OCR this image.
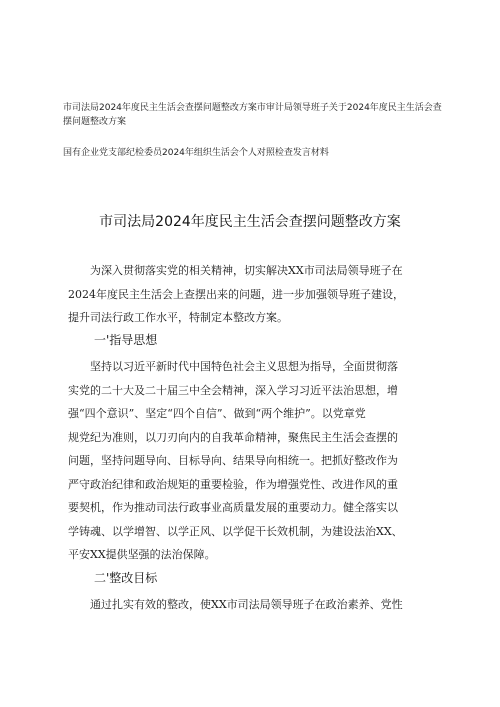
市司法局2024年度民主生活会查摆问题整改方案市审计局领导班子关于2024年度民主生活会查摆问题整改方案
国有企业党支部纪检委员2024年组织生活会个人对照检查发言材料
市司法局2024年度民主生活会查摆问题整改方案
为深入贯彻落实党的相关精神，切实解决XX市司法局领导班子在
2024年度民主生活会上查摆出来的问题，进一步加强领导班子建设，
提升司法行政工作水平，特制定本整改方案。
一'指导思想
坚持以习近平新时代中国特色社会主义思想为指导，全面贯彻落
实党的二十大及二十届三中全会精神，深入学习习近平法治思想，增
强“四个意识”、坚定“四个自信”、做到“两个维护”。以党章党
规党纪为准则，以刀刃向内的自我革命精神，聚焦民主生活会查摆的
问题，坚持问题导向、目标导向、结果导向相统一。把抓好整改作为
严守政治纪律和政治规矩的重要检验，作为增强党性、改进作风的重
要契机，作为推动司法行政事业高质量发展的重要动力。健全落实以
学铸魂、以学增智、以学正风、以学促干长效机制，为建设法治XX、
平安XX提供坚强的法治保障。
二'整改目标
通过扎实有效的整改，使XX市司法局领导班子在政治素养、党性
